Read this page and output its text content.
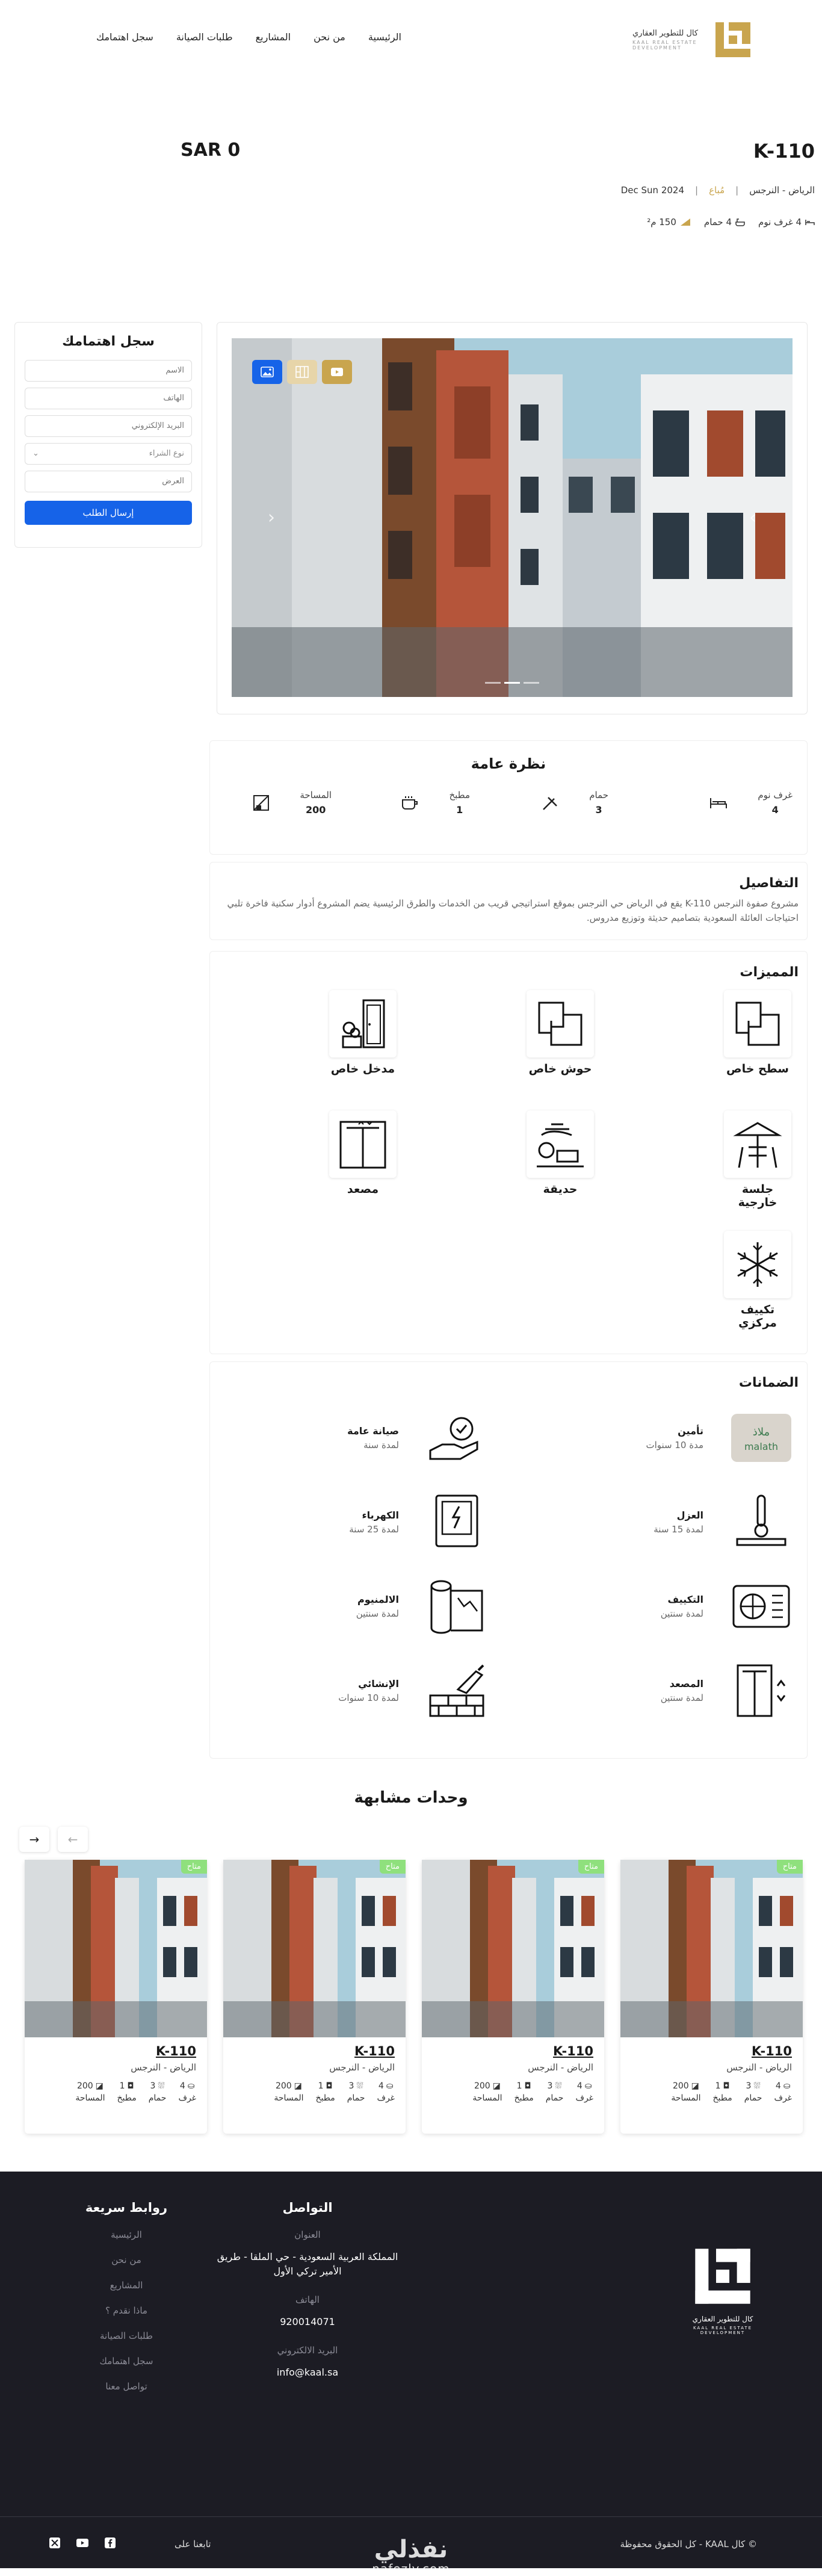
كال للتطوير العقاري
KAAL REAL ESTATE DEVELOPMENT
سجل اهتمامك طلبات الصيانة المشاريع من نحن الرئيسية
K-110
SAR 0
الرياض - النرجس
|
مُباع
|
Dec Sun 2024
4 غرف نوم
4 حمام
150 م²
‹	›
سجل اهتمامك
الاسم الهاتف البريد الإلكتروني
نوع الشراء
⌄
العرض إرسال الطلب
نظرة عامة
غرف نوم
4
حمام
3
مطبخ
1
المساحة
200
التفاصيل

مشروع صفوة النرجس K-110 يقع في الرياض حي النرجس بموقع استراتيجي قريب من الخدمات والطرق الرئيسية يضم المشروع أدوار سكنية فاخرة تلبي احتياجات العائلة السعودية بتصاميم حديثة وتوزيع مدروس.

المميزات
سطح خاص
حوش خاص
مدخل خاص
جلسة خارجية
حديقة
مصعد
تكييف مركزي
الضمانات
ملاذ
malath
تأمين
مدة 10 سنوات
صيانة عامة
لمدة سنة
العزل
لمدة 15 سنة
الكهرباء
لمدة 25 سنة
التكييف
لمدة سنتين
الالمنيوم
لمدة سنتين
المصعد
لمدة سنتين
الإنشائي
لمدة 10 سنوات
وحدات مشابهة
→	←
متاح
K-110
الرياض - النرجس
⛀
4
غرف
⛆
3
حمام
◘
1
مطبخ
◪
200
المساحة
متاح
K-110
الرياض - النرجس
⛀
4
غرف
⛆
3
حمام
◘
1
مطبخ
◪
200
المساحة
متاح
K-110
الرياض - النرجس
⛀
4
غرف
⛆
3
حمام
◘
1
مطبخ
◪
200
المساحة
متاح
K-110
الرياض - النرجس
⛀
4
غرف
⛆
3
حمام
◘
1
مطبخ
◪
200
المساحة
كال للتطوير العقاري
KAAL REAL ESTATE DEVELOPMENT
التواصل
العنوان
المملكة العربية السعودية - حي الملقا - طريق الأمير تركي الأول
الهاتف
920014071
البريد الالكتروني
info@kaal.sa
روابط سريعة
الرئيسية
من نحن
المشاريع
ماذا نقدم ؟
طلبات الصيانة
سجل اهتمامك
تواصل معنا
© كال KAAL - كل الحقوق محفوظة
نفذلي
nafezly.com
تابعنا على
